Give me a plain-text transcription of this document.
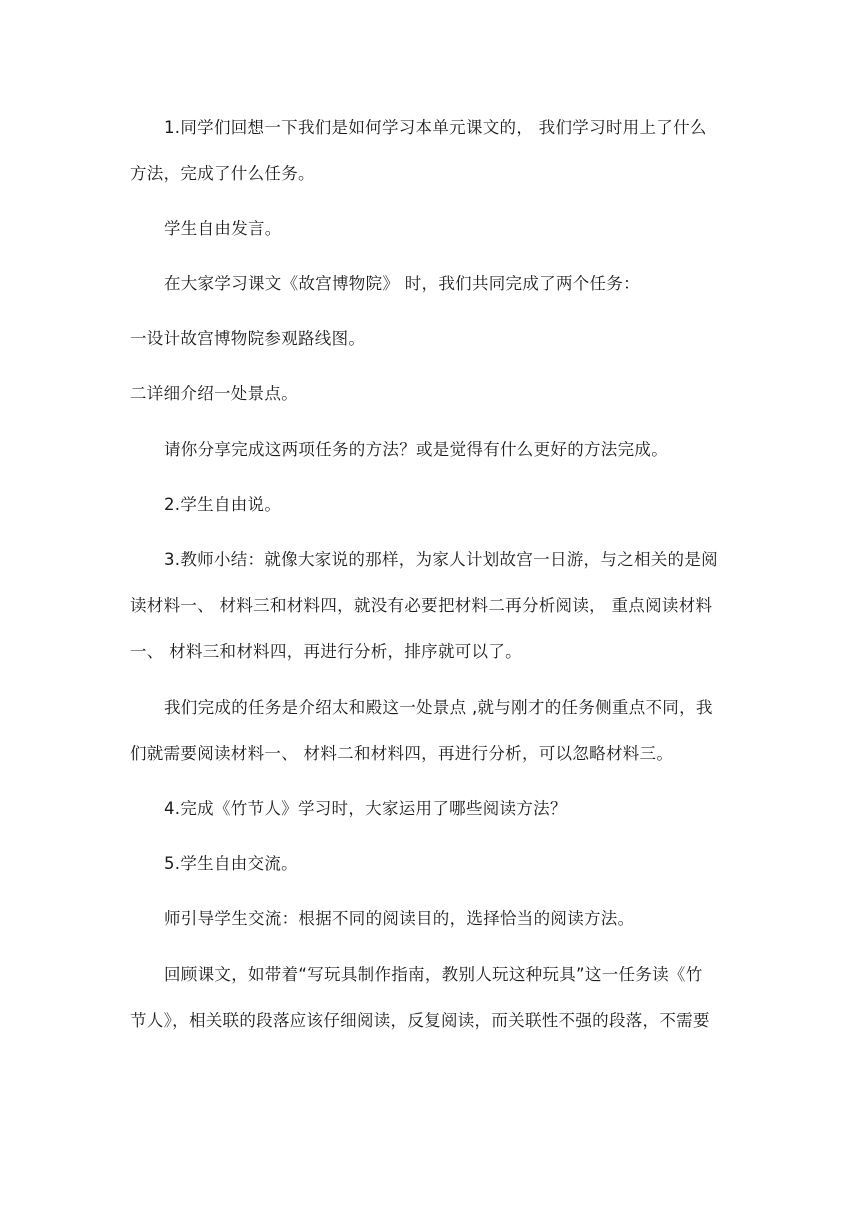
1.同学们回想一下我们是如何学习本单元课文的， 我们学习时用上了什么
方法，完成了什么任务。
学生自由发言。
在大家学习课文《故宫博物院》 时，我们共同完成了两个任务：
一设计故宫博物院参观路线图。
二详细介绍一处景点。
请你分享完成这两项任务的方法？或是觉得有什么更好的方法完成。
2.学生自由说。
3.教师小结：就像大家说的那样，为家人计划故宫一日游，与之相关的是阅
读材料一、 材料三和材料四，就没有必要把材料二再分析阅读， 重点阅读材料
一、 材料三和材料四，再进行分析，排序就可以了。
我们完成的任务是介绍太和殿这一处景点 ,就与刚才的任务侧重点不同，我
们就需要阅读材料一、 材料二和材料四，再进行分析，可以忽略材料三。
4.完成《竹节人》学习时，大家运用了哪些阅读方法？
5.学生自由交流。
师引导学生交流：根据不同的阅读目的，选择恰当的阅读方法。
回顾课文，如带着“写玩具制作指南，教别人玩这种玩具”这一任务读《竹
节人》，相关联的段落应该仔细阅读，反复阅读，而关联性不强的段落，不需要
